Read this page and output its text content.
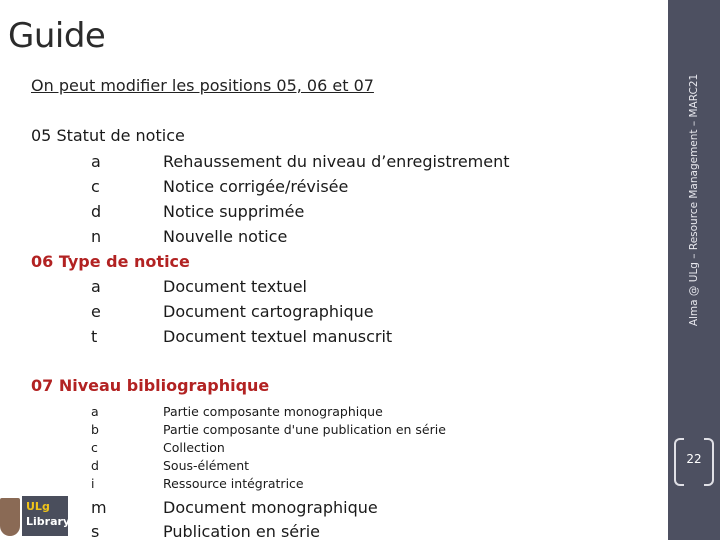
Guide
On peut modifier les positions 05, 06 et 07	Alma @ ULg – Resource Management – MARC21
22
05 Statut de notice
a	Rehaussement du niveau d’enregistrement
c	Notice corrigée/révisée
d	Notice supprimée
n	Nouvelle notice
06 Type de notice
a	Document textuel
e	Document cartographique
t	Document textuel manuscrit
07 Niveau bibliographique
a	Partie composante monographique
b	Partie composante d'une publication en série
c	Collection
d	Sous-élément
i	Ressource intégratrice
m	Document monographique
s	Publication en série
ULg
Library
